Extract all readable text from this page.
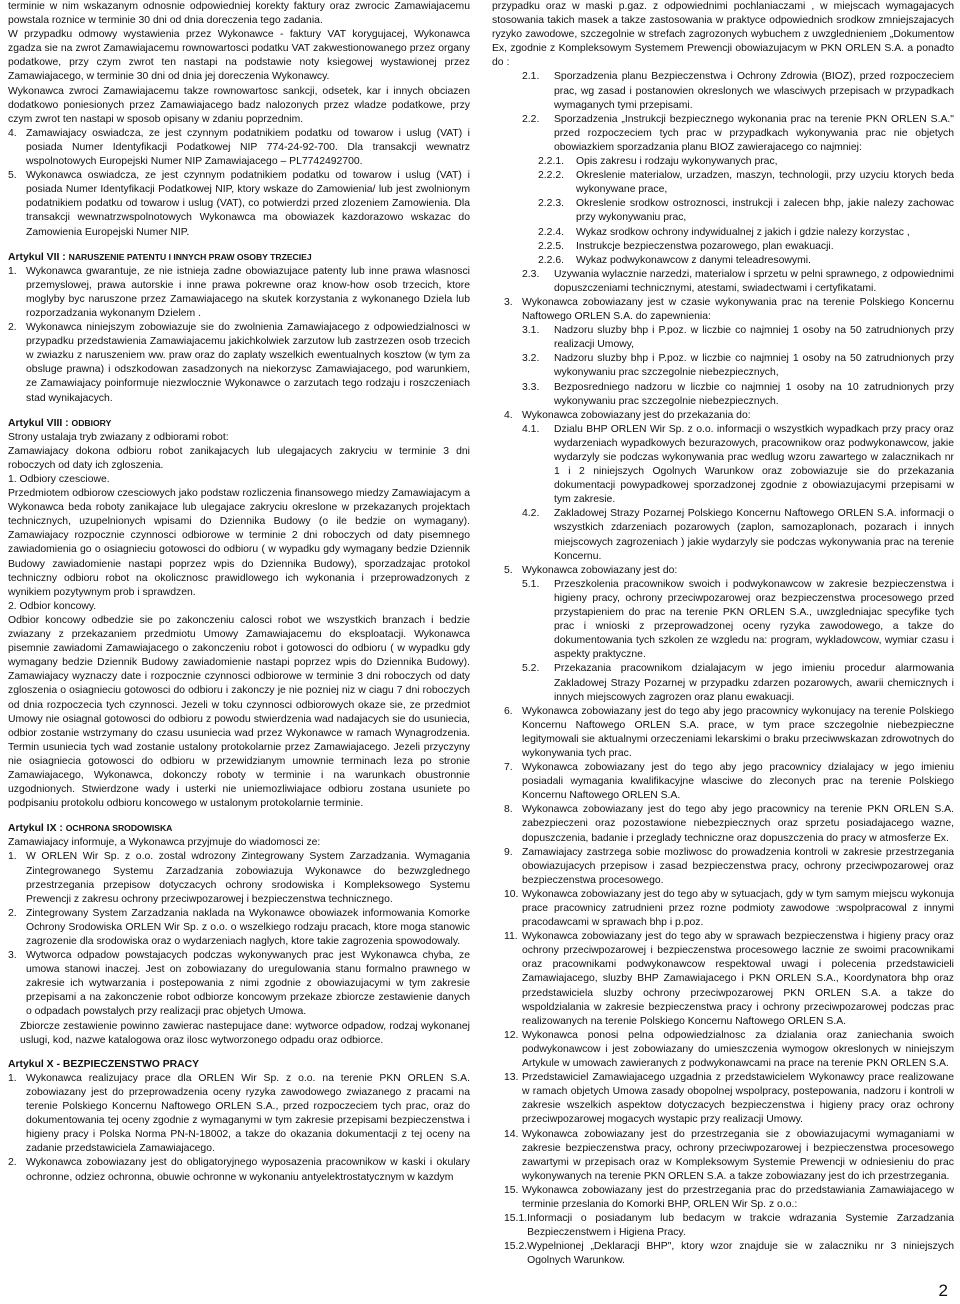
terminie w nim wskazanym odnosnie odpowiedniej korekty faktury oraz zwrocic Zamawiajacemu powstala roznice w terminie 30 dni od dnia doreczenia tego zadania.

W przypadku odmowy wystawienia przez Wykonawce - faktury VAT korygujacej, Wykonawca zgadza sie na zwrot Zamawiajacemu rownowartosci podatku VAT zakwestionowanego przez organy podatkowe, przy czym zwrot ten nastapi na podstawie noty ksiegowej wystawionej przez Zamawiajacego, w terminie 30 dni od dnia jej doreczenia Wykonawcy.

Wykonawca zwroci Zamawiajacemu takze rownowartosc sankcji, odsetek, kar i innych obciazen dodatkowo poniesionych przez Zamawiajacego badz nalozonych przez wladze podatkowe, przy czym zwrot ten nastapi w sposob opisany w zdaniu poprzednim.

4. Zamawiajacy oswiadcza, ze jest czynnym podatnikiem podatku od towarow i uslug (VAT) i posiada Numer Identyfikacji Podatkowej NIP 774-24-92-700. Dla transakcji wewnatrz wspolnotowych Europejski Numer NIP Zamawiajacego – PL7742492700.
5. Wykonawca oswiadcza, ze jest czynnym podatnikiem podatku od towarow i uslug (VAT) i posiada Numer Identyfikacji Podatkowej NIP, ktory wskaze do Zamowienia/ lub jest zwolnionym podatnikiem podatku od towarow i uslug (VAT), co potwierdzi przed zlozeniem Zamowienia. Dla transakcji wewnatrzwspolnotowych Wykonawca ma obowiazek kazdorazowo wskazac do Zamowienia Europejski Numer NIP.

Artykul VII : NARUSZENIE PATENTU I INNYCH PRAW OSOBY TRZECIEJ

1. Wykonawca gwarantuje, ze nie istnieja zadne obowiazujace patenty lub inne prawa wlasnosci przemyslowej, prawa autorskie i inne prawa pokrewne oraz know-how osob trzecich, ktore moglyby byc naruszone przez Zamawiajacego na skutek korzystania z wykonanego Dziela lub rozporzadzania wykonanym Dzielem .
2. Wykonawca niniejszym zobowiazuje sie do zwolnienia Zamawiajacego z odpowiedzialnosci w przypadku przedstawienia Zamawiajacemu jakichkolwiek zarzutow lub zastrzezen osob trzecich w zwiazku z naruszeniem ww. praw oraz do zaplaty wszelkich ewentualnych kosztow (w tym za obsluge prawna) i odszkodowan zasadzonych na niekorzysc Zamawiajacego, pod warunkiem, ze Zamawiajacy poinformuje niezwlocznie Wykonawce o zarzutach tego rodzaju i roszczeniach stad wynikajacych.

Artykul VIII : ODBIORY

Strony ustalaja tryb zwiazany z odbiorami robot:

Zamawiajacy dokona odbioru robot zanikajacych lub ulegajacych zakryciu w terminie 3 dni roboczych od daty ich zgloszenia.

1. Odbiory czesciowe.

Przedmiotem odbiorow czesciowych jako podstaw rozliczenia finansowego miedzy Zamawiajacym a Wykonawca beda roboty zanikajace lub ulegajace zakryciu okreslone w przekazanych projektach technicznych, uzupelnionych wpisami do Dziennika Budowy (o ile bedzie on wymagany). Zamawiajacy rozpocznie czynnosci odbiorowe w terminie 2 dni roboczych od daty pisemnego zawiadomienia go o osiagnieciu gotowosci do odbioru ( w wypadku gdy wymagany bedzie Dziennik Budowy zawiadomienie nastapi poprzez wpis do Dziennika Budowy), sporzadzajac protokol techniczny odbioru robot na okolicznosc prawidlowego ich wykonania i przeprowadzonych z wynikiem pozytywnym prob i sprawdzen.

2. Odbior koncowy.

Odbior koncowy odbedzie sie po zakonczeniu calosci robot we wszystkich branzach i bedzie zwiazany z przekazaniem przedmiotu Umowy Zamawiajacemu do eksploatacji. Wykonawca pisemnie zawiadomi Zamawiajacego o zakonczeniu robot i gotowosci do odbioru ( w wypadku gdy wymagany bedzie Dziennik Budowy zawiadomienie nastapi poprzez wpis do Dziennika Budowy). Zamawiajacy wyznaczy date i rozpocznie czynnosci odbiorowe w terminie 3 dni roboczych od daty zgloszenia o osiagnieciu gotowosci do odbioru i zakonczy je nie pozniej niz w ciagu 7 dni roboczych od dnia rozpoczecia tych czynnosci. Jezeli w toku czynnosci odbiorowych okaze sie, ze przedmiot Umowy nie osiagnal gotowosci do odbioru z powodu stwierdzenia wad nadajacych sie do usuniecia, odbior zostanie wstrzymany do czasu usuniecia wad przez Wykonawce w ramach Wynagrodzenia. Termin usuniecia tych wad zostanie ustalony protokolarnie przez Zamawiajacego. Jezeli przyczyny nie osiagniecia gotowosci do odbioru w przewidzianym umownie terminach leza po stronie Zamawiajacego, Wykonawca, dokonczy roboty w terminie i na warunkach obustronnie uzgodnionych. Stwierdzone wady i usterki nie uniemozliwiajace odbioru zostana usuniete po podpisaniu protokolu odbioru koncowego w ustalonym protokolarnie terminie.

Artykul IX : OCHRONA SRODOWISKA

Zamawiajacy informuje, a Wykonawca przyjmuje do wiadomosci ze:

1. W ORLEN Wir Sp. z o.o. zostal wdrozony Zintegrowany System Zarzadzania. Wymagania Zintegrowanego Systemu Zarzadzania zobowiazuja Wykonawce do bezwzglednego przestrzegania przepisow dotyczacych ochrony srodowiska i Kompleksowego Systemu Prewencji z zakresu ochrony przeciwpozarowej i bezpieczenstwa technicznego.
2. Zintegrowany System Zarzadzania naklada na Wykonawce obowiazek informowania Komorke Ochrony Srodowiska ORLEN Wir Sp. z o.o. o wszelkiego rodzaju pracach, ktore moga stanowic zagrozenie dla srodowiska oraz o wydarzeniach naglych, ktore takie zagrozenia spowodowaly.
3. Wytworca odpadow powstajacych podczas wykonywanych prac jest Wykonawca chyba, ze umowa stanowi inaczej. Jest on zobowiazany do uregulowania stanu formalno prawnego w zakresie ich wytwarzania i postepowania z nimi zgodnie z obowiazujacymi w tym zakresie przepisami a na zakonczenie robot odbiorze koncowym przekaze zbiorcze zestawienie danych o odpadach powstalych przy realizacji prac objetych Umowa.

Zbiorcze zestawienie powinno zawierac nastepujace dane: wytworce odpadow, rodzaj wykonanej uslugi, kod, nazwe katalogowa oraz ilosc wytworzonego odpadu oraz odbiorce.

Artykul X - BEZPIECZENSTWO PRACY

1. Wykonawca realizujacy prace dla ORLEN Wir Sp. z o.o. na terenie PKN ORLEN S.A. zobowiazany jest do przeprowadzenia oceny ryzyka zawodowego zwiazanego z pracami na terenie Polskiego Koncernu Naftowego ORLEN S.A., przed rozpoczeciem tych prac, oraz do dokumentowania tej oceny zgodnie z wymaganymi w tym zakresie przepisami bezpieczenstwa i higieny pracy i Polska Norma PN-N-18002, a takze do okazania dokumentacji z tej oceny na zadanie przedstawiciela Zamawiajacego.
2. Wykonawca zobowiazany jest do obligatoryjnego wyposazenia pracownikow w kaski i okulary ochronne, odziez ochronna, obuwie ochronne w wykonaniu antyelektrostatycznym w kazdym

przypadku oraz w maski p.gaz. z odpowiednimi pochlaniaczami , w miejscach wymagajacych stosowania takich masek a takze zastosowania w praktyce odpowiednich srodkow zmniejszajacych ryzyko zawodowe, szczegolnie w strefach zagrozonych wybuchem z uwzglednieniem „Dokumentow Ex, zgodnie z Kompleksowym Systemem Prewencji obowiazujacym w PKN ORLEN S.A. a ponadto do :

2.1.	Sporzadzenia planu Bezpieczenstwa i Ochrony Zdrowia (BIOZ), przed rozpoczeciem prac, wg zasad i postanowien okreslonych we wlasciwych przepisach w przypadkach wymaganych tymi przepisami.
2.2.	Sporzadzenia „Instrukcji bezpiecznego wykonania prac na terenie PKN ORLEN S.A." przed rozpoczeciem tych prac w przypadkach wykonywania prac nie objetych obowiazkiem sporzadzania planu BIOZ zawierajacego co najmniej:
2.2.1.	Opis zakresu i rodzaju wykonywanych prac,
2.2.2.	Okreslenie materialow, urzadzen, maszyn, technologii, przy uzyciu ktorych beda wykonywane prace,
2.2.3.	Okreslenie srodkow ostroznosci, instrukcji i zalecen bhp, jakie nalezy zachowac przy wykonywaniu prac,
2.2.4.	Wykaz srodkow ochrony indywidualnej z jakich i gdzie nalezy korzystac ,
2.2.5.	Instrukcje bezpieczenstwa pozarowego, plan ewakuacji.
2.2.6.	Wykaz podwykonawcow z danymi teleadresowymi.
2.3.	Uzywania wylacznie narzedzi, materialow i sprzetu w pelni sprawnego, z odpowiednimi dopuszczeniami technicznymi, atestami, swiadectwami i certyfikatami.
3. Wykonawca zobowiazany jest w czasie wykonywania prac na terenie Polskiego Koncernu Naftowego ORLEN S.A. do zapewnienia:
3.1.	Nadzoru sluzby bhp i P.poz. w liczbie co najmniej 1 osoby na 50 zatrudnionych przy realizacji Umowy,
3.2.	Nadzoru sluzby bhp i P.poz. w liczbie co najmniej 1 osoby na 50 zatrudnionych przy wykonywaniu prac szczegolnie niebezpiecznych,
3.3.	Bezposredniego nadzoru w liczbie co najmniej 1 osoby na 10 zatrudnionych przy wykonywaniu prac szczegolnie niebezpiecznych.
4. Wykonawca zobowiazany jest do przekazania do:
4.1.	Dzialu BHP ORLEN Wir Sp. z o.o. informacji o wszystkich wypadkach przy pracy oraz wydarzeniach wypadkowych bezurazowych, pracownikow oraz podwykonawcow, jakie wydarzyly sie podczas wykonywania prac wedlug wzoru zawartego w zalacznikach nr 1 i 2 niniejszych Ogolnych Warunkow oraz zobowiazuje sie do przekazania dokumentacji powypadkowej sporzadzonej zgodnie z obowiazujacymi przepisami w tym zakresie.
4.2.	Zakladowej Strazy Pozarnej Polskiego Koncernu Naftowego ORLEN S.A. informacji o wszystkich zdarzeniach pozarowych (zaplon, samozaplonach, pozarach i innych miejscowych zagrozeniach ) jakie wydarzyly sie podczas wykonywania prac na terenie Koncernu.
5. Wykonawca zobowiazany jest do:
5.1.	Przeszkolenia pracownikow swoich i podwykonawcow w zakresie bezpieczenstwa i higieny pracy, ochrony przeciwpozarowej oraz bezpieczenstwa procesowego przed przystapieniem do prac na terenie PKN ORLEN S.A., uwzgledniajac specyfike tych prac i wnioski z przeprowadzonej oceny ryzyka zawodowego, a takze do dokumentowania tych szkolen ze wzgledu na: program, wykladowcow, wymiar czasu i aspekty praktyczne.
5.2.	Przekazania pracownikom dzialajacym w jego imieniu procedur alarmowania Zakladowej Strazy Pozarnej w przypadku zdarzen pozarowych, awarii chemicznych i innych miejscowych zagrozen oraz planu ewakuacji.
6. Wykonawca zobowiazany jest do tego aby jego pracownicy wykonujacy na terenie Polskiego Koncernu Naftowego ORLEN S.A. prace, w tym prace szczegolnie niebezpieczne legitymowali sie aktualnymi orzeczeniami lekarskimi o braku przeciwwskazan zdrowotnych do wykonywania tych prac.
7. Wykonawca zobowiazany jest do tego aby jego pracownicy dzialajacy w jego imieniu posiadali wymagania kwalifikacyjne wlasciwe do zleconych prac na terenie Polskiego Koncernu Naftowego ORLEN S.A.
8. Wykonawca zobowiazany jest do tego aby jego pracownicy na terenie PKN ORLEN S.A. zabezpieczeni oraz pozostawione niebezpiecznych oraz sprzetu posiadajacego wazne, dopuszczenia, badanie i przeglady techniczne oraz dopuszczenia do pracy w atmosferze Ex.
9. Zamawiajacy zastrzega sobie mozliwosc do prowadzenia kontroli w zakresie przestrzegania obowiazujacych przepisow i zasad bezpieczenstwa pracy, ochrony przeciwpozarowej oraz bezpieczenstwa procesowego.
10. Wykonawca zobowiazany jest do tego aby w sytuacjach, gdy w tym samym miejscu wykonuja prace pracownicy zatrudnieni przez rozne podmioty zawodowe :wspolpracowal z innymi pracodawcami w sprawach bhp i p.poz.
11. Wykonawca zobowiazany jest do tego aby w sprawach bezpieczenstwa i higieny pracy oraz ochrony przeciwpozarowej i bezpieczenstwa procesowego lacznie ze swoimi pracownikami oraz pracownikami podwykonawcow respektowal uwagi i polecenia przedstawicieli Zamawiajacego, sluzby BHP Zamawiajacego i PKN ORLEN S.A., Koordynatora bhp oraz przedstawiciela sluzby ochrony przeciwpozarowej PKN ORLEN S.A. a takze do wspoldzialania w zakresie bezpieczenstwa pracy i ochrony przeciwpozarowej podczas prac realizowanych na terenie Polskiego Koncernu Naftowego ORLEN S.A.
12. Wykonawca ponosi pelna odpowiedzialnosc za dzialania oraz zaniechania swoich podwykonawcow i jest zobowiazany do umieszczenia wymogow okreslonych w niniejszym Artykule w umowach zawieranych z podwykonawcami na prace na terenie PKN ORLEN S.A.
13. Przedstawiciel Zamawiajacego uzgadnia z przedstawicielem Wykonawcy prace realizowane w ramach objetych Umowa zasady obopolnej wspolpracy, postepowania, nadzoru i kontroli w zakresie wszelkich aspektow dotyczacych bezpieczenstwa i higieny pracy oraz ochrony przeciwpozarowej mogacych wystapic przy realizacji Umowy.
14. Wykonawca zobowiazany jest do przestrzegania sie z obowiazujacymi wymaganiami w zakresie bezpieczenstwa pracy, ochrony przeciwpozarowej i bezpieczenstwa procesowego zawartymi w przepisach oraz w Kompleksowym Systemie Prewencji w odniesieniu do prac wykonywanych na terenie PKN ORLEN S.A. a takze zobowiazany jest do ich przestrzegania.
15. Wykonawca zobowiazany jest do przestrzegania prac do przedstawiania Zamawiajacego w terminie przeslania do Komorki BHP, ORLEN Wir Sp. z o.o.:
15.1. Informacji o posiadanym lub bedacym w trakcie wdrazania Systemie Zarzadzania Bezpieczenstwem i Higiena Pracy.
15.2. Wypelnionej „Deklaracji BHP", ktory wzor znajduje sie w zalaczniku nr 3 niniejszych Ogolnych Warunkow.
2
